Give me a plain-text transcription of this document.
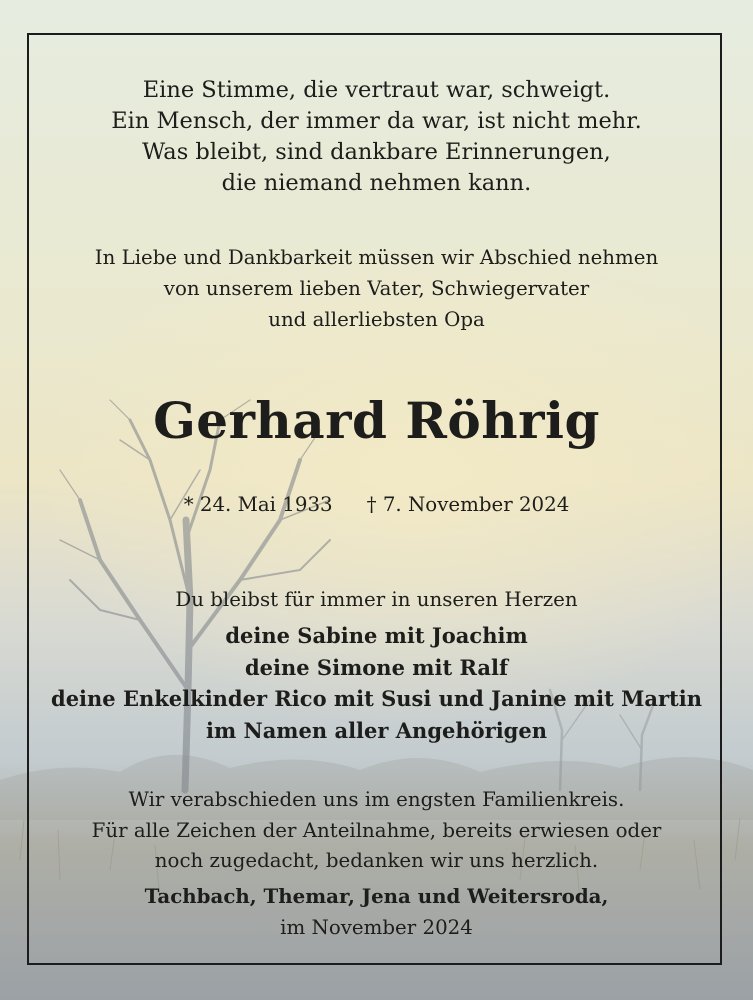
Eine Stimme, die vertraut war, schweigt.
Ein Mensch, der immer da war, ist nicht mehr.
Was bleibt, sind dankbare Erinnerungen,
die niemand nehmen kann.
In Liebe und Dankbarkeit müssen wir Abschied nehmen
von unserem lieben Vater, Schwiegervater
und allerliebsten Opa
Gerhard Röhrig
* 24. Mai 1933 † 7. November 2024
Du bleibst für immer in unseren Herzen
deine Sabine mit Joachim
deine Simone mit Ralf
deine Enkelkinder Rico mit Susi und Janine mit Martin
im Namen aller Angehörigen
Wir verabschieden uns im engsten Familienkreis.
Für alle Zeichen der Anteilnahme, bereits erwiesen oder
noch zugedacht, bedanken wir uns herzlich.
Tachbach, Themar, Jena und Weitersroda,
im November 2024
